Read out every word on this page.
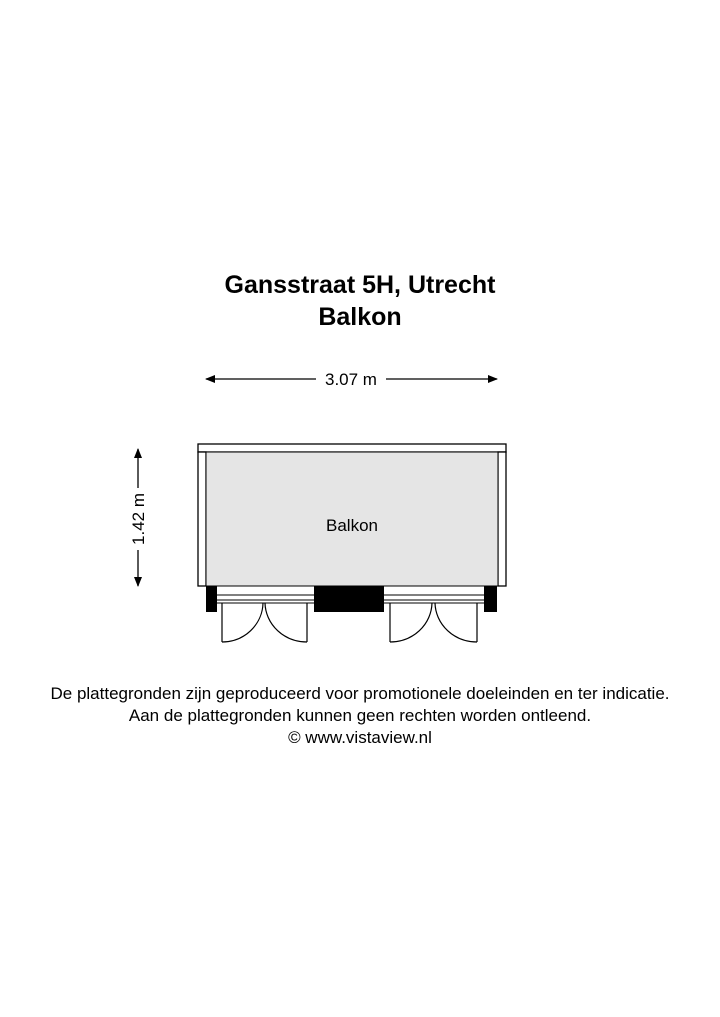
Gansstraat 5H, Utrecht
Balkon
3.07 m
1.42 m	Balkon

De plattegronden zijn geproduceerd voor promotionele doeleinden en ter indicatie.

Aan de plattegronden kunnen geen rechten worden ontleend.

© www.vistaview.nl
